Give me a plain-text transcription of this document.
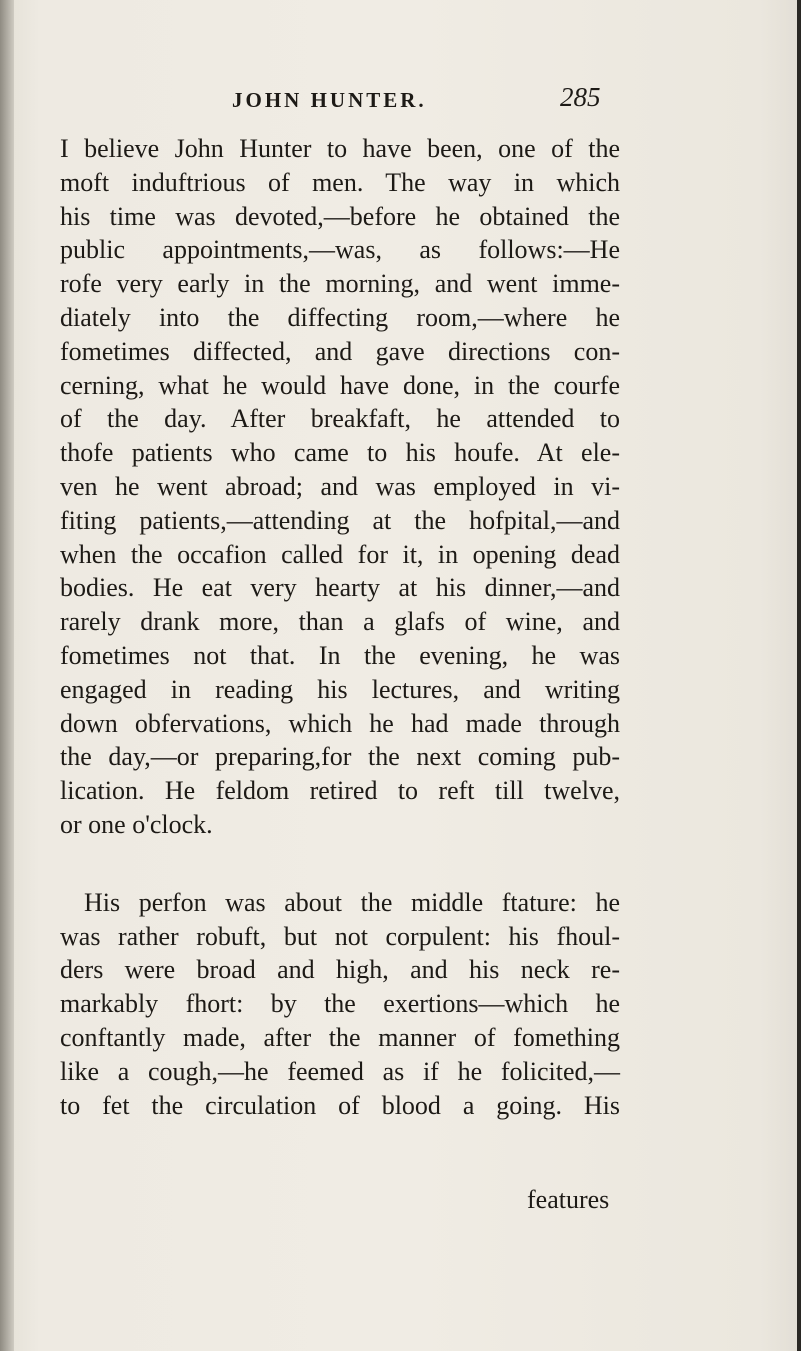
JOHN HUNTER.	285
I believe John Hunter to have been, one of the
moft induftrious of men. The way in which
his time was devoted,—before he obtained the
public appointments,—was, as follows:—He
rofe very early in the morning, and went imme-
diately into the diffecting room,—where he
fometimes diffected, and gave directions con-
cerning, what he would have done, in the courfe
of the day. After breakfaft, he attended to
thofe patients who came to his houfe. At ele-
ven he went abroad; and was employed in vi-
fiting patients,—attending at the hofpital,—and
when the occafion called for it, in opening dead
bodies. He eat very hearty at his dinner,—and
rarely drank more, than a glafs of wine, and
fometimes not that. In the evening, he was
engaged in reading his lectures, and writing
down obfervations, which he had made through
the day,—or preparing,for the next coming pub-
lication. He feldom retired to reft till twelve,
or one o'clock.
His perfon was about the middle ftature: he
was rather robuft, but not corpulent: his fhoul-
ders were broad and high, and his neck re-
markably fhort: by the exertions—which he
conftantly made, after the manner of fomething
like a cough,—he feemed as if he folicited,—
to fet the circulation of blood a going. His
features
